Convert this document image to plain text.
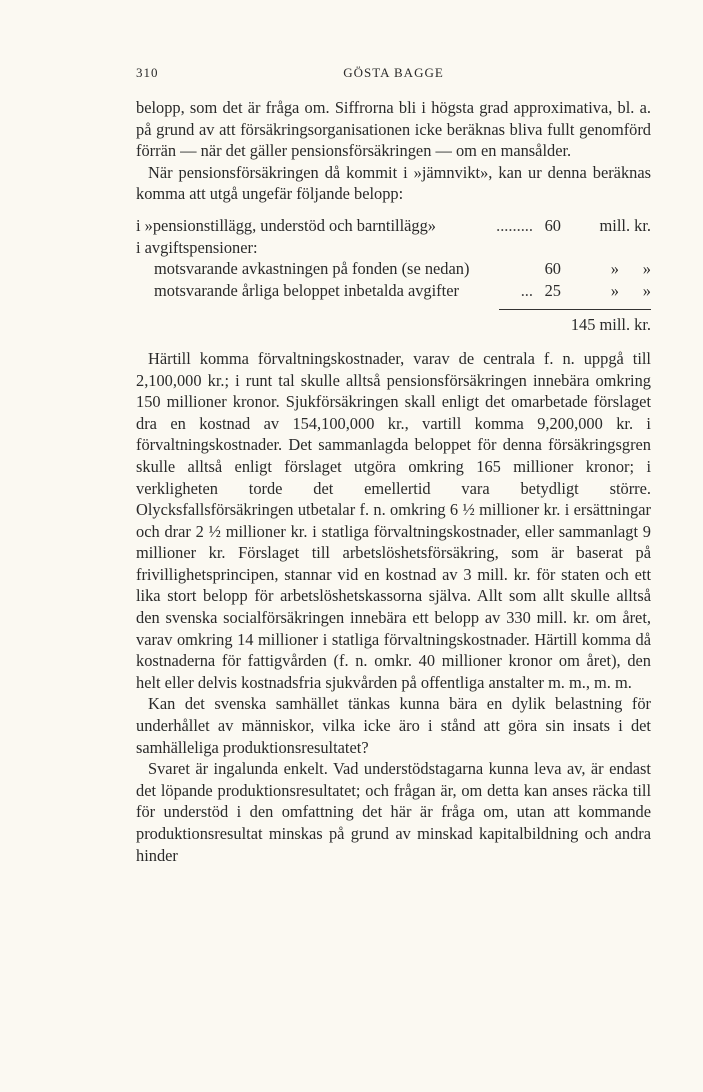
310	GÖSTA BAGGE

belopp, som det är fråga om. Siffrorna bli i högsta grad approximativa, bl. a. på grund av att försäkringsorganisationen icke beräknas bliva fullt genomförd förrän — när det gäller pensionsförsäkringen — om en mansålder.

När pensionsförsäkringen då kommit i »jämnvikt», kan ur denna beräknas komma att utgå ungefär följande belopp:

i »pensionstillägg, understöd och barntillägg»	......... 60	mill. kr.
i avgiftspensioner:
motsvarande avkastningen på fonden (se nedan)	60	»	»
motsvarande årliga beloppet inbetalda avgifter	... 25	»	»
145 mill. kr.

Härtill komma förvaltningskostnader, varav de centrala f. n. uppgå till 2,100,000 kr.; i runt tal skulle alltså pensionsförsäkringen innebära omkring 150 millioner kronor. Sjukförsäkringen skall enligt det omarbetade förslaget dra en kostnad av 154,100,000 kr., vartill komma 9,200,000 kr. i förvaltningskostnader. Det sammanlagda beloppet för denna försäkringsgren skulle alltså enligt förslaget utgöra omkring 165 millioner kronor; i verkligheten torde det emellertid vara betydligt större. Olycksfallsförsäkringen utbetalar f. n. omkring 6 ½ millioner kr. i ersättningar och drar 2 ½ millioner kr. i statliga förvaltningskostnader, eller sammanlagt 9 millioner kr. Förslaget till arbetslöshetsförsäkring, som är baserat på frivillighetsprincipen, stannar vid en kostnad av 3 mill. kr. för staten och ett lika stort belopp för arbetslöshetskassorna själva. Allt som allt skulle alltså den svenska socialförsäkringen innebära ett belopp av 330 mill. kr. om året, varav omkring 14 millioner i statliga förvaltningskostnader. Härtill komma då kostnaderna för fattigvården (f. n. omkr. 40 millioner kronor om året), den helt eller delvis kostnadsfria sjukvården på offentliga anstalter m. m., m. m.

Kan det svenska samhället tänkas kunna bära en dylik belastning för underhållet av människor, vilka icke äro i stånd att göra sin insats i det samhälleliga produktionsresultatet?

Svaret är ingalunda enkelt. Vad understödstagarna kunna leva av, är endast det löpande produktionsresultatet; och frågan är, om detta kan anses räcka till för understöd i den omfattning det här är fråga om, utan att kommande produktionsresultat minskas på grund av minskad kapitalbildning och andra hinder
